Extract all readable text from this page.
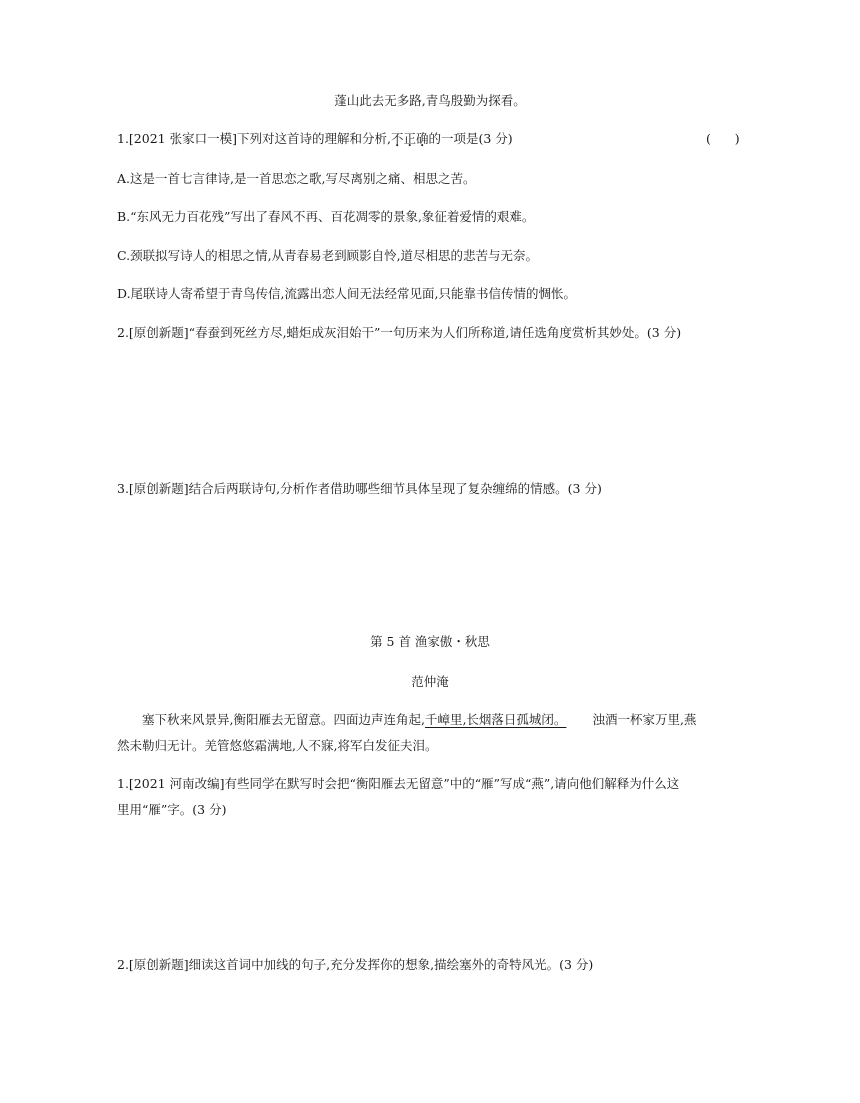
蓬山此去无多路,青鸟殷勤为探看。
1.[2021 张家口一模]下列对这首诗的理解和分析,不正确的一项是(3 分)	(      )
A.这是一首七言律诗,是一首思恋之歌,写尽离别之痛、相思之苦。
B.“东风无力百花残”写出了春风不再、百花凋零的景象,象征着爱情的艰难。
C.颈联拟写诗人的相思之情,从青春易老到顾影自怜,道尽相思的悲苦与无奈。
D.尾联诗人寄希望于青鸟传信,流露出恋人间无法经常见面,只能靠书信传情的惆怅。
2.[原创新题]“春蚕到死丝方尽,蜡炬成灰泪始干”一句历来为人们所称道,请任选角度赏析其妙处。(3 分)
3.[原创新题]结合后两联诗句,分析作者借助哪些细节具体呈现了复杂缠绵的情感。(3 分)
第 5 首 渔家傲・秋思
范仲淹
塞下秋来风景异,衡阳雁去无留意。四面边声连角起,千嶂里,长烟落日孤城闭。 浊酒一杯家万里,燕
然未勒归无计。羌管悠悠霜满地,人不寐,将军白发征夫泪。
1.[2021 河南改编]有些同学在默写时会把“衡阳雁去无留意”中的“雁”写成“燕”,请向他们解释为什么这
里用“雁”字。(3 分)
2.[原创新题]细读这首词中加线的句子,充分发挥你的想象,描绘塞外的奇特风光。(3 分)
